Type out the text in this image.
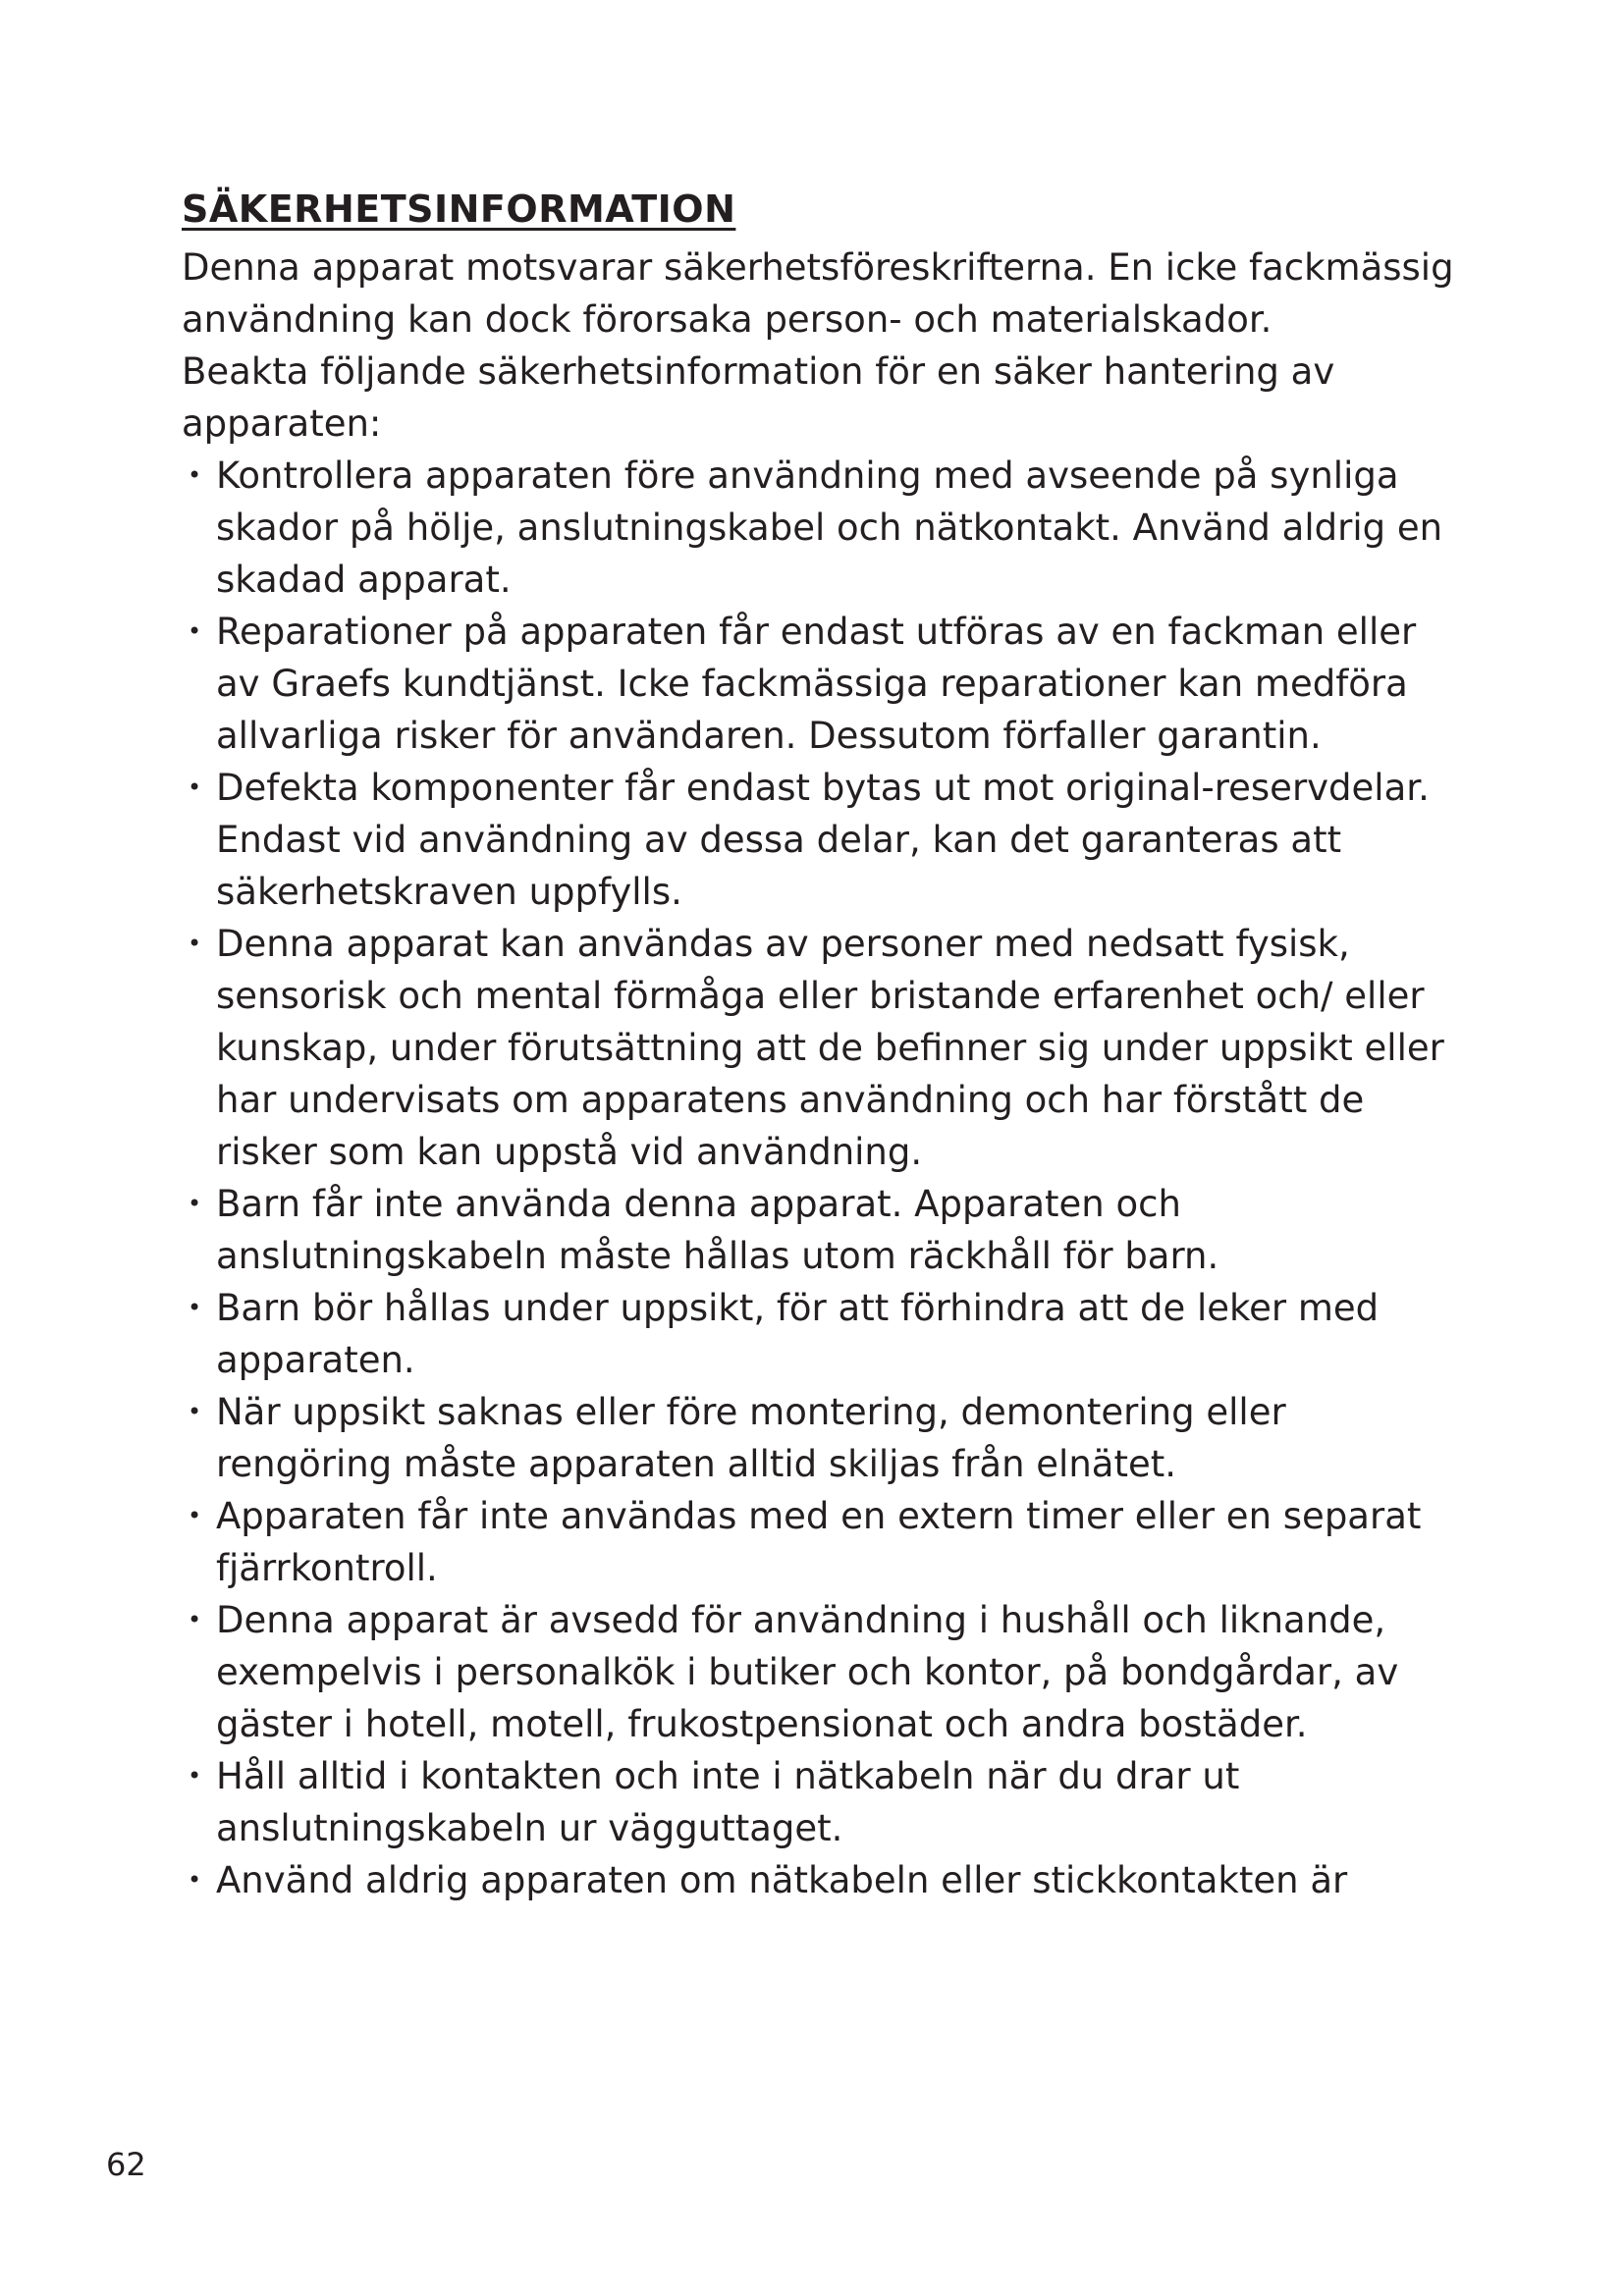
SÄKERHETSINFORMATION

Denna apparat motsvarar säkerhetsföreskrifterna. En icke fackmässig användning kan dock förorsaka person- och materialskador.

Beakta följande säkerhetsinformation för en säker hantering av apparaten:

• Kontrollera apparaten före användning med avseende på synliga skador på hölje, anslutningskabel och nätkontakt. Använd aldrig en skadad apparat.
• Reparationer på apparaten får endast utföras av en fackman eller av Graefs kundtjänst. Icke fackmässiga reparationer kan medföra allvarliga risker för användaren. Dessutom förfaller garantin.
• Defekta komponenter får endast bytas ut mot original-reservdelar. Endast vid användning av dessa delar, kan det garanteras att säkerhetskraven uppfylls.
• Denna apparat kan användas av personer med nedsatt fysisk, sensorisk och mental förmåga eller bristande erfarenhet och/ eller kunskap, under förutsättning att de befinner sig under uppsikt eller har undervisats om apparatens användning och har förstått de risker som kan uppstå vid användning.
• Barn får inte använda denna apparat. Apparaten och anslutningskabeln måste hållas utom räckhåll för barn.
• Barn bör hållas under uppsikt, för att förhindra att de leker med apparaten.
• När uppsikt saknas eller före montering, demontering eller rengöring måste apparaten alltid skiljas från elnätet.
• Apparaten får inte användas med en extern timer eller en separat fjärrkontroll.
• Denna apparat är avsedd för användning i hushåll och liknande, exempelvis i personalkök i butiker och kontor, på bondgårdar, av gäster i hotell, motell, frukostpensionat och andra bostäder.
• Håll alltid i kontakten och inte i nätkabeln när du drar ut anslutningskabeln ur vägguttaget.
• Använd aldrig apparaten om nätkabeln eller stickkontakten är
62
